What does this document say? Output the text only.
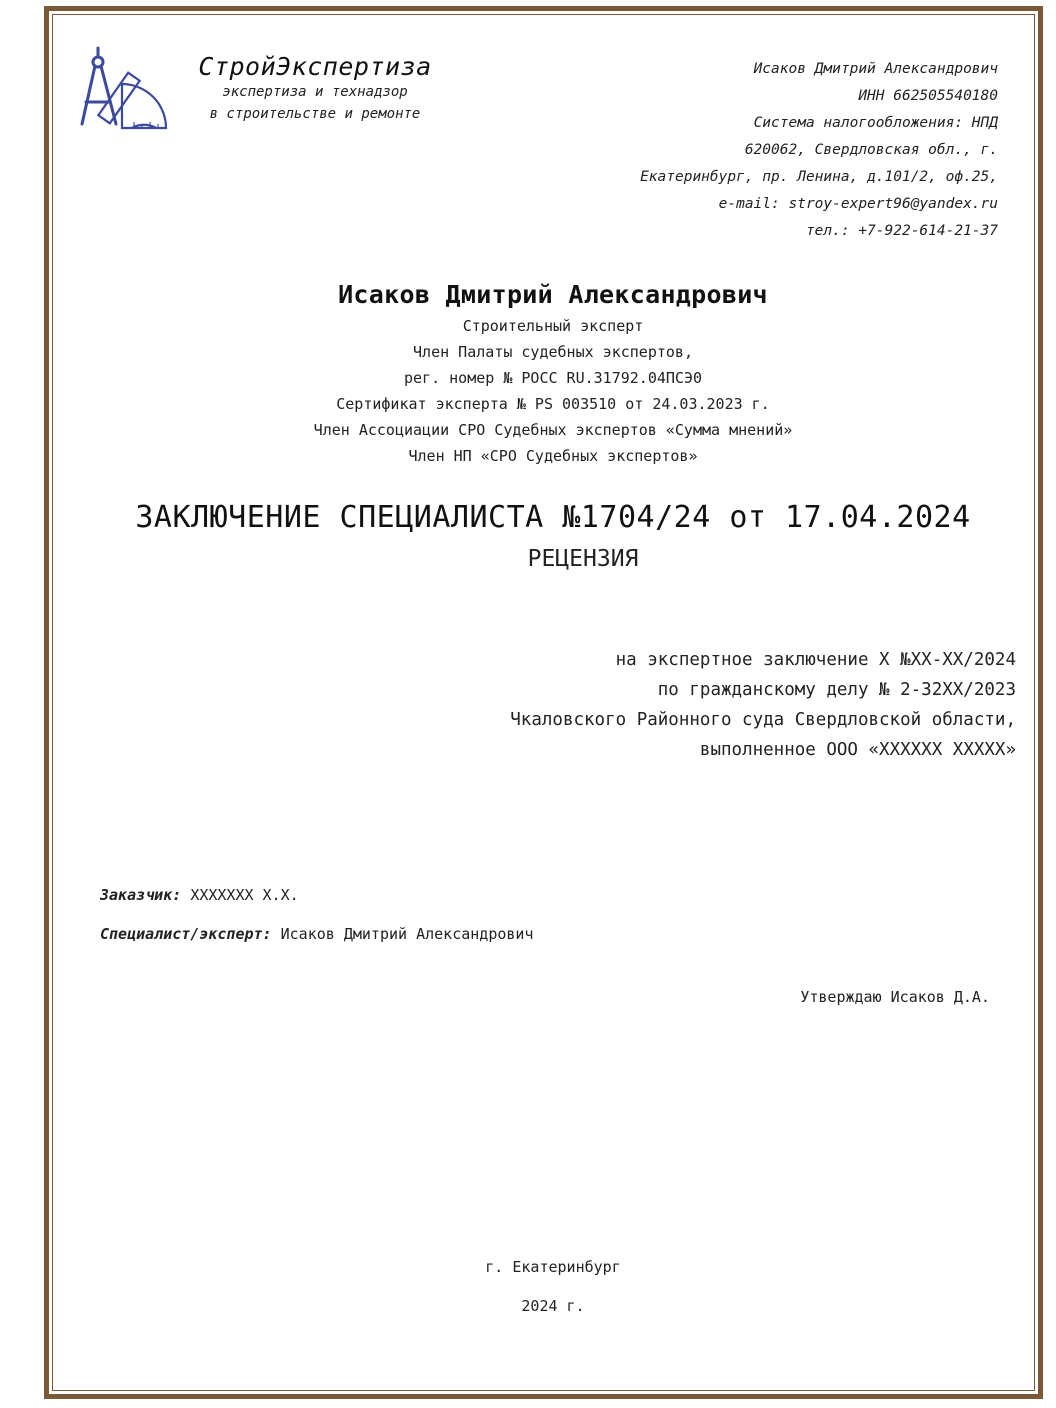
СтройЭкспертиза
экспертиза и технадзор
в строительстве и ремонте
Исаков Дмитрий Александрович
ИНН 662505540180
Система налогообложения: НПД
620062, Свердловская обл., г.
Екатеринбург, пр. Ленина, д.101/2, оф.25,
e-mail: stroy-expert96@yandex.ru
тел.: +7-922-614-21-37
Исаков Дмитрий Александрович
Строительный эксперт
Член Палаты судебных экспертов,
рег. номер № РОСС RU.31792.04ПСЭ0
Сертификат эксперта № PS 003510 от 24.03.2023 г.
Член Ассоциации СРО Судебных экспертов «Сумма мнений»
Член НП «СРО Судебных экспертов»
ЗАКЛЮЧЕНИЕ СПЕЦИАЛИСТА №1704/24 от 17.04.2024
РЕЦЕНЗИЯ
на экспертное заключение Х №ХХ-ХХ/2024
по гражданскому делу № 2-32ХХ/2023
Чкаловского Районного суда Свердловской области,
выполненное ООО «ХХХХХХ ХХХХХ»
Заказчик: ХХХХХХХ Х.Х.
Специалист/эксперт: Исаков Дмитрий Александрович
Утверждаю Исаков Д.А.
г. Екатеринбург
2024 г.
